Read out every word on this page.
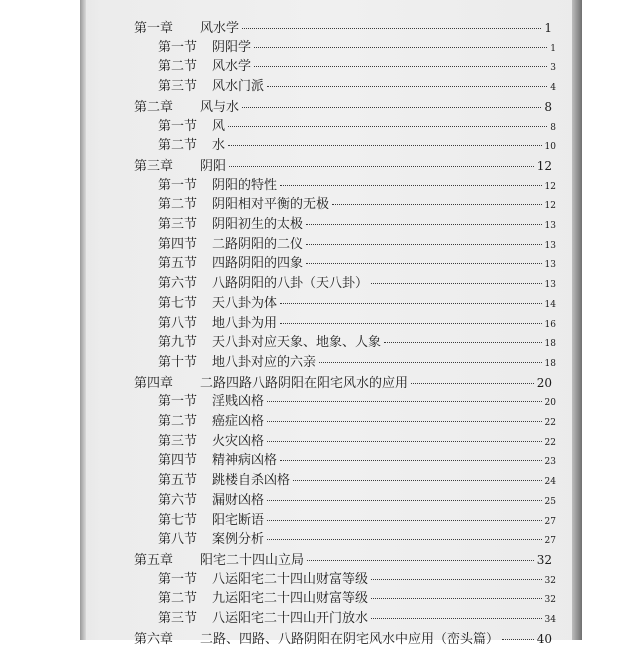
第一章	风水学	1
第一节	阴阳学	1
第二节	风水学	3
第三节	风水门派	4
第二章	风与水	8
第一节	风	8
第二节	水	10
第三章	阴阳	12
第一节	阴阳的特性	12
第二节	阴阳相对平衡的无极	12
第三节	阴阳初生的太极	13
第四节	二路阴阳的二仪	13
第五节	四路阴阳的四象	13
第六节	八路阴阳的八卦（天八卦）	13
第七节	天八卦为体	14
第八节	地八卦为用	16
第九节	天八卦对应天象、地象、人象	18
第十节	地八卦对应的六亲	18
第四章	二路四路八路阴阳在阳宅风水的应用	20
第一节	淫贱凶格	20
第二节	癌症凶格	22
第三节	火灾凶格	22
第四节	精神病凶格	23
第五节	跳楼自杀凶格	24
第六节	漏财凶格	25
第七节	阳宅断语	27
第八节	案例分析	27
第五章	阳宅二十四山立局	32
第一节	八运阳宅二十四山财富等级	32
第二节	九运阳宅二十四山财富等级	32
第三节	八运阳宅二十四山开门放水	34
第六章	二路、四路、八路阴阳在阴宅风水中应用（峦头篇）	40
